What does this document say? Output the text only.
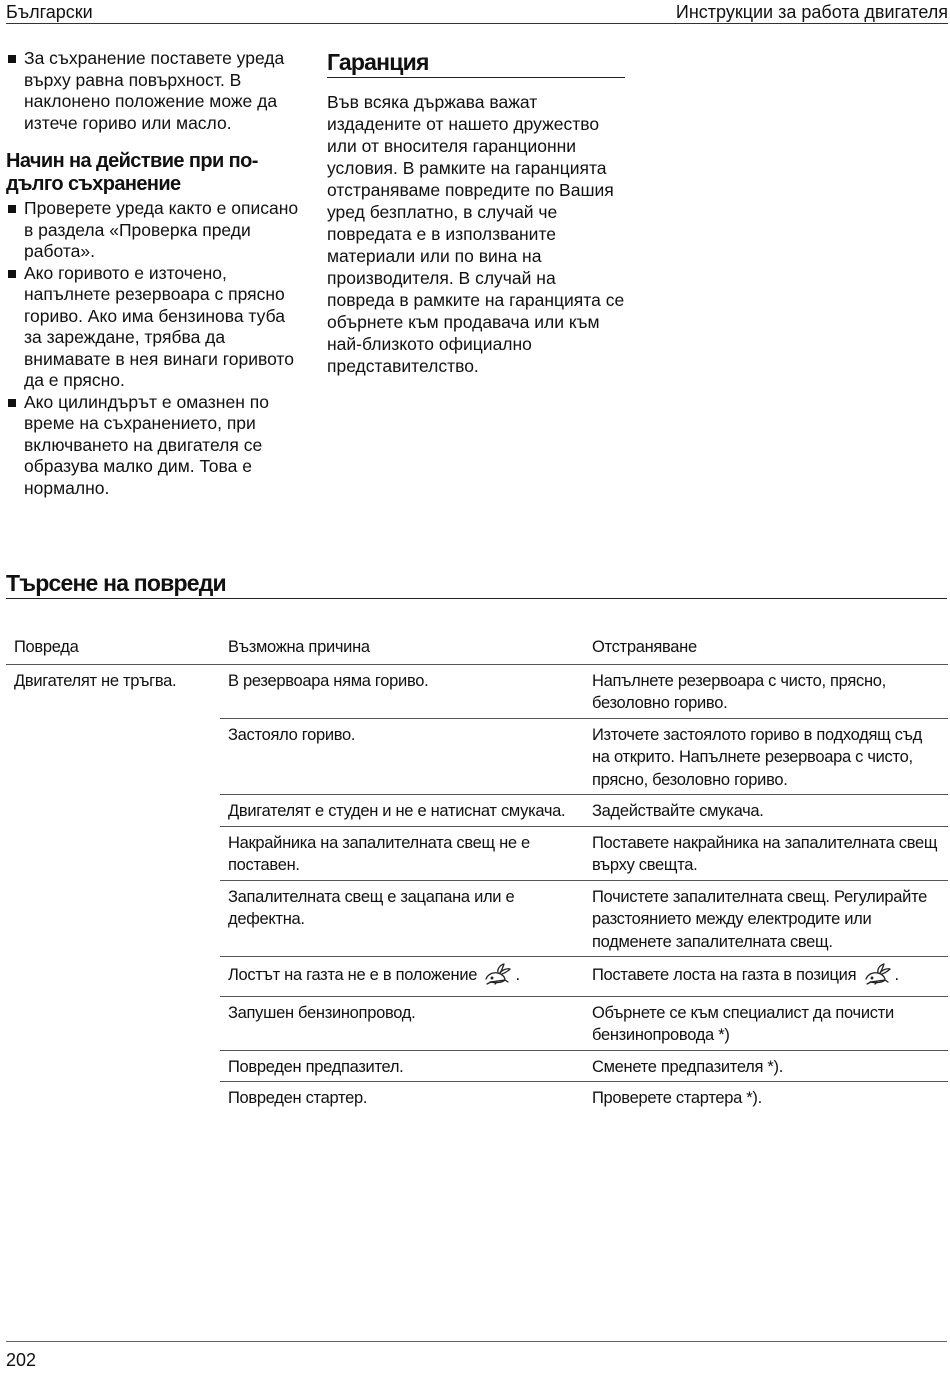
Български	Инструкции за работа двигателя
За съхранение поставете уреда върху равна повърхност. В наклонено положение може да изтече гориво или масло.
Начин на действие при по-дълго съхранение
Проверете уреда както е описано в раздела «Проверка преди работа».
Ако горивото е източено, напълнете резервоара с прясно гориво. Ако има бензинова туба за зареждане, трябва да внимавате в нея винаги горивото да е прясно.
Ако цилиндърът е омазнен по време на съхранението, при включването на двигателя се образува малко дим. Това е нормално.
Гаранция

Във всяка държава важат издадените от нашето дружество или от вносителя гаранционни условия. В рамките на гаранцията отстраняваме повредите по Вашия уред безплатно, в случай че повредата е в използваните материали или по вина на производителя. В случай на повреда в рамките на гаранцията се обърнете към продавача или към най-близкото официално представителство.

Търсене на повреди
Повреда	Възможна причина	Отстраняване
Двигателят не тръгва.	В резервоара няма гориво.	Напълнете резервоара с чисто, прясно, безоловно гориво.
	Застояло гориво.	Източете застоялото гориво в подходящ съд на открито. Напълнете резервоара с чисто, прясно, безоловно гориво.
	Двигателят е студен и не е натиснат смукача.	Задействайте смукача.
	Накрайника на запалителната свещ не е поставен.	Поставете накрайника на запалителната свещ върху свещта.
	Запалителната свещ е зацапана или е дефектна.	Почистете запалителната свещ. Регулирайте разстоянието между електродите или подменете запалителната свещ.
	Лостът на газта не е в положение .	Поставете лоста на газта в позиция .
	Запушен бензинопровод.	Обърнете се към специалист да почисти бензинопровода *)
	Повреден предпазител.	Сменете предпазителя *).
	Повреден стартер.	Проверете стартера *).
202
